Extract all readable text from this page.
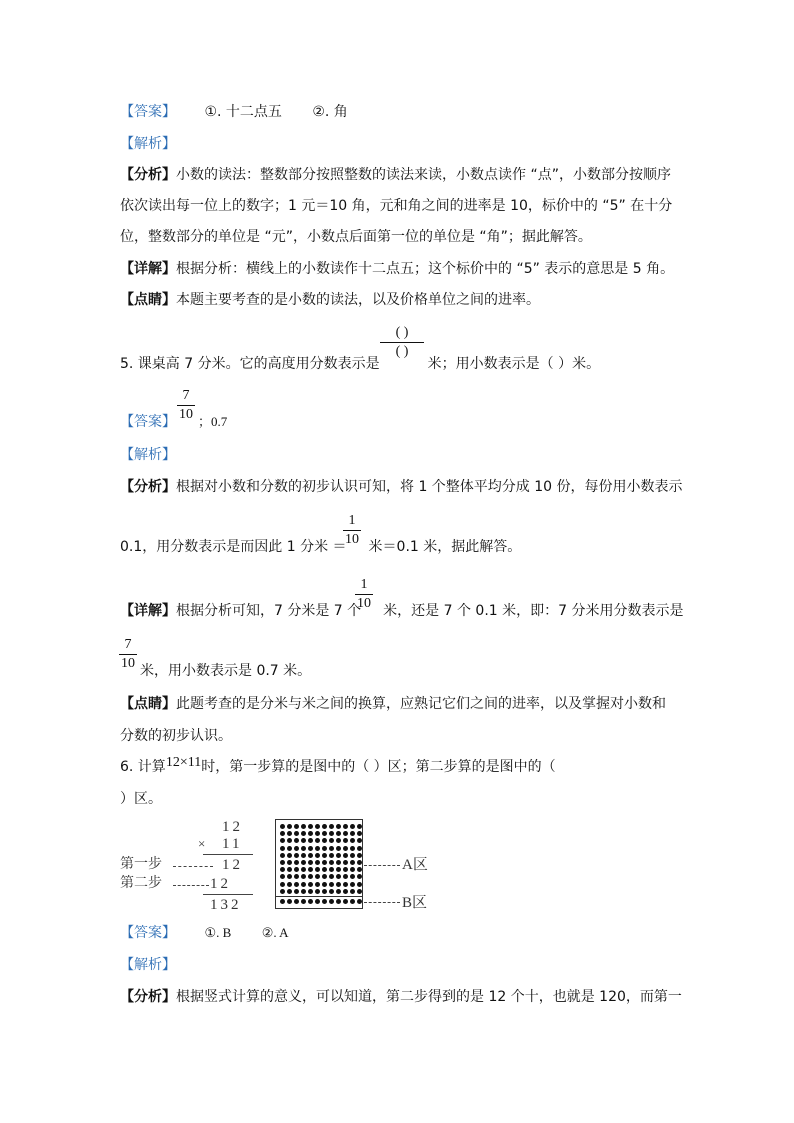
【答案】 ①. 十二点五 ②. 角
【解析】
【分析】小数的读法：整数部分按照整数的读法来读，小数点读作 “点”，小数部分按顺序
依次读出每一位上的数字；1 元＝10 角，元和角之间的进率是 10，标价中的 “5” 在十分
位，整数部分的单位是 “元”，小数点后面第一位的单位是 “角”；据此解答。
【详解】根据分析：横线上的小数读作十二点五；这个标价中的 “5” 表示的意思是 5 角。
【点睛】本题主要考查的是小数的读法，以及价格单位之间的进率。
5. 课桌高 7 分米。它的高度用分数表示是	米；用小数表示是（ ）米。
( )
( )
【答案】 ；0.7
$\frac{7}{10}$
【解析】
【分析】根据对小数和分数的初步认识可知，将 1 个整体平均分成 10 份，每份用小数表示
0.1，用分数表示是而因此 1 分米 ＝ 米＝0.1 米，据此解答。
$\frac{1}{10}$
【详解】根据分析可知，7 分米是 7 个 米，还是 7 个 0.1 米，即：7 分米用分数表示是
$\frac{1}{10}$
米，用小数表示是 0.7 米。
$\frac{7}{10}$
【点睛】此题考查的是分米与米之间的换算，应熟记它们之间的进率，以及掌握对小数和
分数的初步认识。
6. 计算12×11时，第一步算的是图中的（ ）区；第二步算的是图中的（
）区。
12
× 11
12
12
132
第一步
第二步
A区
B区
【答案】 ①. B ②. A
【解析】
【分析】根据竖式计算的意义，可以知道，第二步得到的是 12 个十，也就是 120，而第一
